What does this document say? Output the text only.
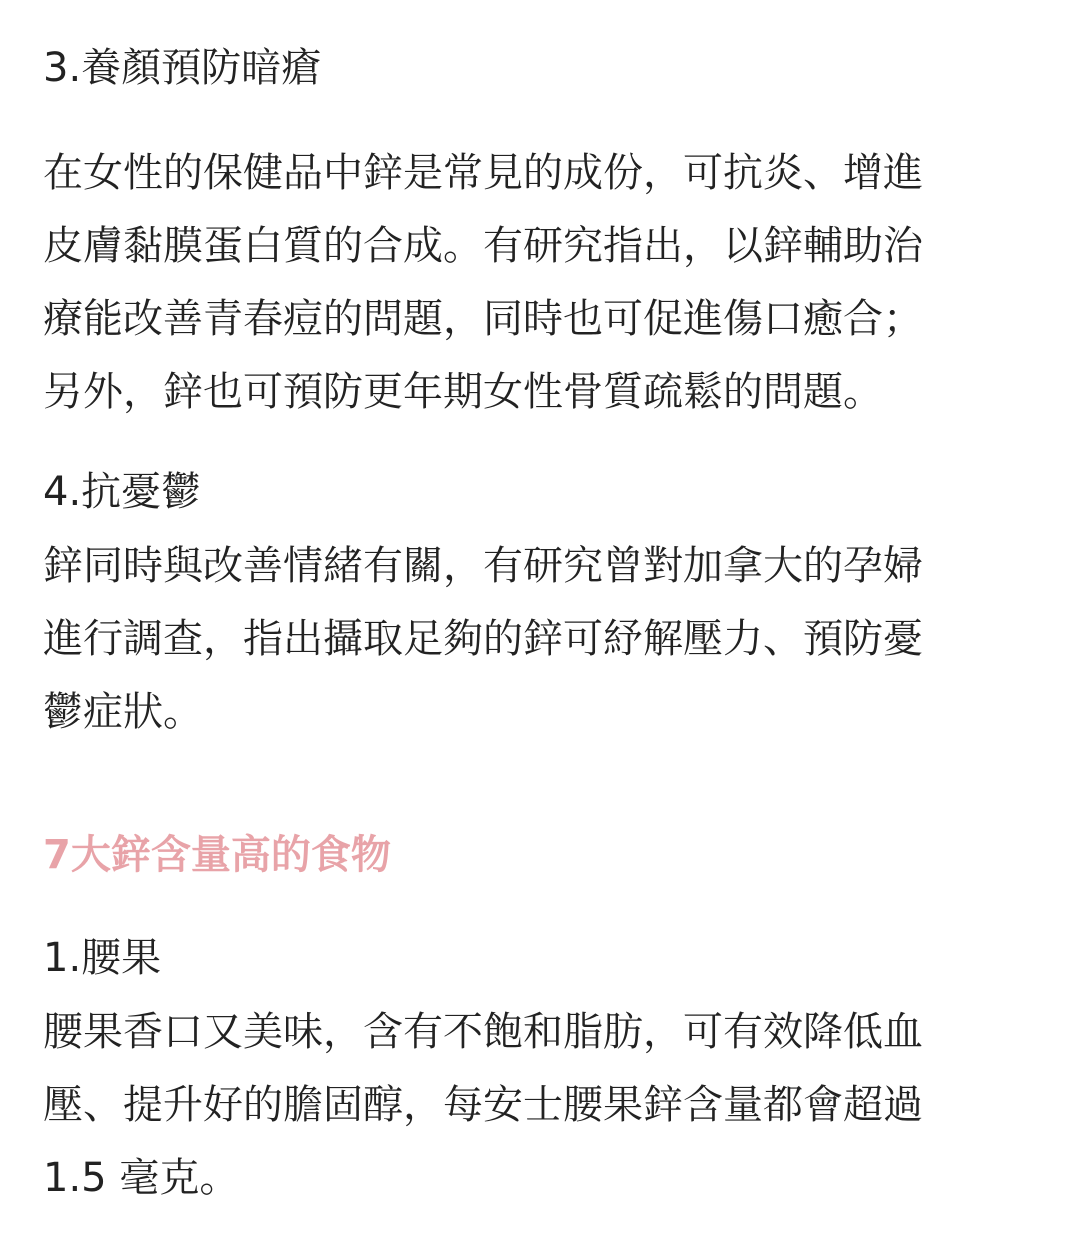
3.養顏預防暗瘡
在女性的保健品中鋅是常見的成份，可抗炎、增進
皮膚黏膜蛋白質的合成。有研究指出，以鋅輔助治
療能改善青春痘的問題，同時也可促進傷口癒合；
另外，鋅也可預防更年期女性骨質疏鬆的問題。
4.抗憂鬱
鋅同時與改善情緒有關，有研究曾對加拿大的孕婦
進行調查，指出攝取足夠的鋅可紓解壓力、預防憂
鬱症狀。
7大鋅含量高的食物
1.腰果
腰果香口又美味，含有不飽和脂肪，可有效降低血
壓、提升好的膽固醇，每安士腰果鋅含量都會超過
1.5 毫克。
